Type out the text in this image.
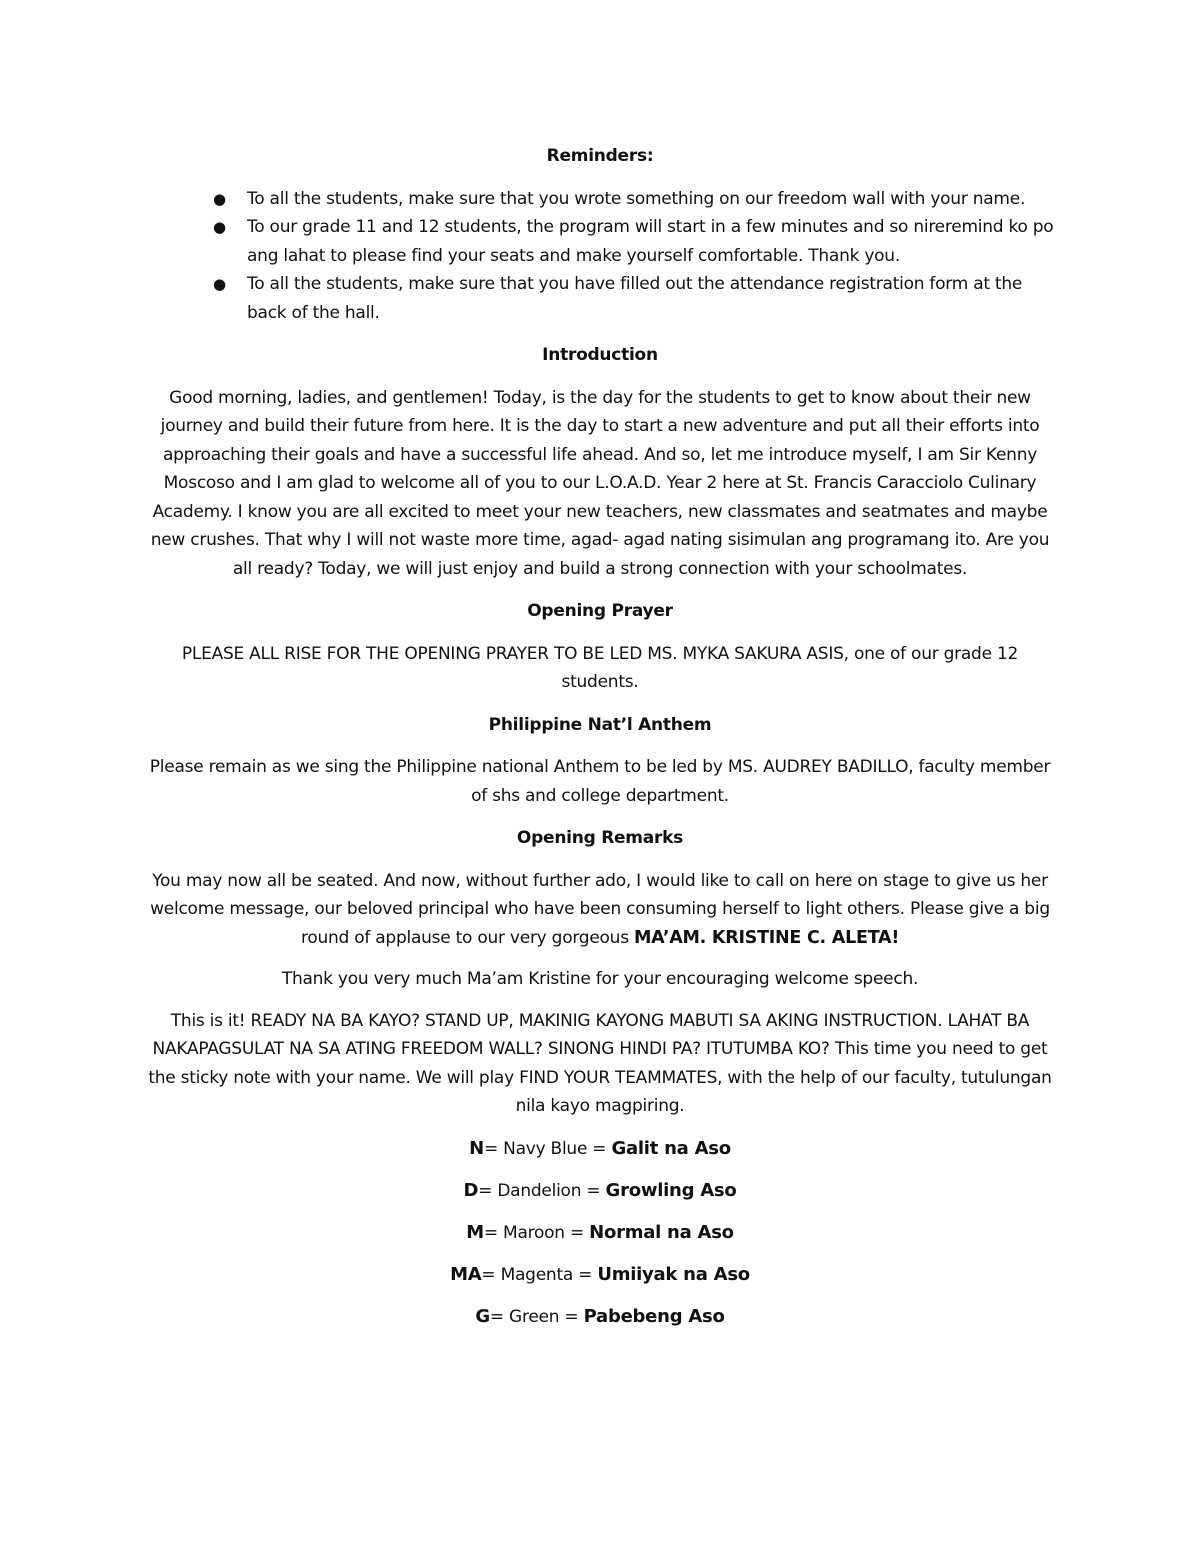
Reminders:

● To all the students, make sure that you wrote something on our freedom wall with your name.
● To our grade 11 and 12 students, the program will start in a few minutes and so nireremind ko po ang lahat to please find your seats and make yourself comfortable. Thank you.
● To all the students, make sure that you have filled out the attendance registration form at the back of the hall.

Introduction

Good morning, ladies, and gentlemen! Today, is the day for the students to get to know about their new journey and build their future from here. It is the day to start a new adventure and put all their efforts into approaching their goals and have a successful life ahead. And so, let me introduce myself, I am Sir Kenny Moscoso and I am glad to welcome all of you to our L.O.A.D. Year 2 here at St. Francis Caracciolo Culinary Academy. I know you are all excited to meet your new teachers, new classmates and seatmates and maybe new crushes. That why I will not waste more time, agad- agad nating sisimulan ang programang ito. Are you all ready? Today, we will just enjoy and build a strong connection with your schoolmates.

Opening Prayer

PLEASE ALL RISE FOR THE OPENING PRAYER TO BE LED MS. MYKA SAKURA ASIS, one of our grade 12 students.

Philippine Nat’l Anthem

Please remain as we sing the Philippine national Anthem to be led by MS. AUDREY BADILLO, faculty member of shs and college department.

Opening Remarks

You may now all be seated. And now, without further ado, I would like to call on here on stage to give us her welcome message, our beloved principal who have been consuming herself to light others. Please give a big round of applause to our very gorgeous MA’AM. KRISTINE C. ALETA!

Thank you very much Ma’am Kristine for your encouraging welcome speech.

This is it! READY NA BA KAYO? STAND UP, MAKINIG KAYONG MABUTI SA AKING INSTRUCTION. LAHAT BA NAKAPAGSULAT NA SA ATING FREEDOM WALL? SINONG HINDI PA? ITUTUMBA KO? This time you need to get the sticky note with your name. We will play FIND YOUR TEAMMATES, with the help of our faculty, tutulungan nila kayo magpiring.

N= Navy Blue = Galit na Aso

D= Dandelion = Growling Aso

M= Maroon = Normal na Aso

MA= Magenta = Umiiyak na Aso

G= Green = Pabebeng Aso
